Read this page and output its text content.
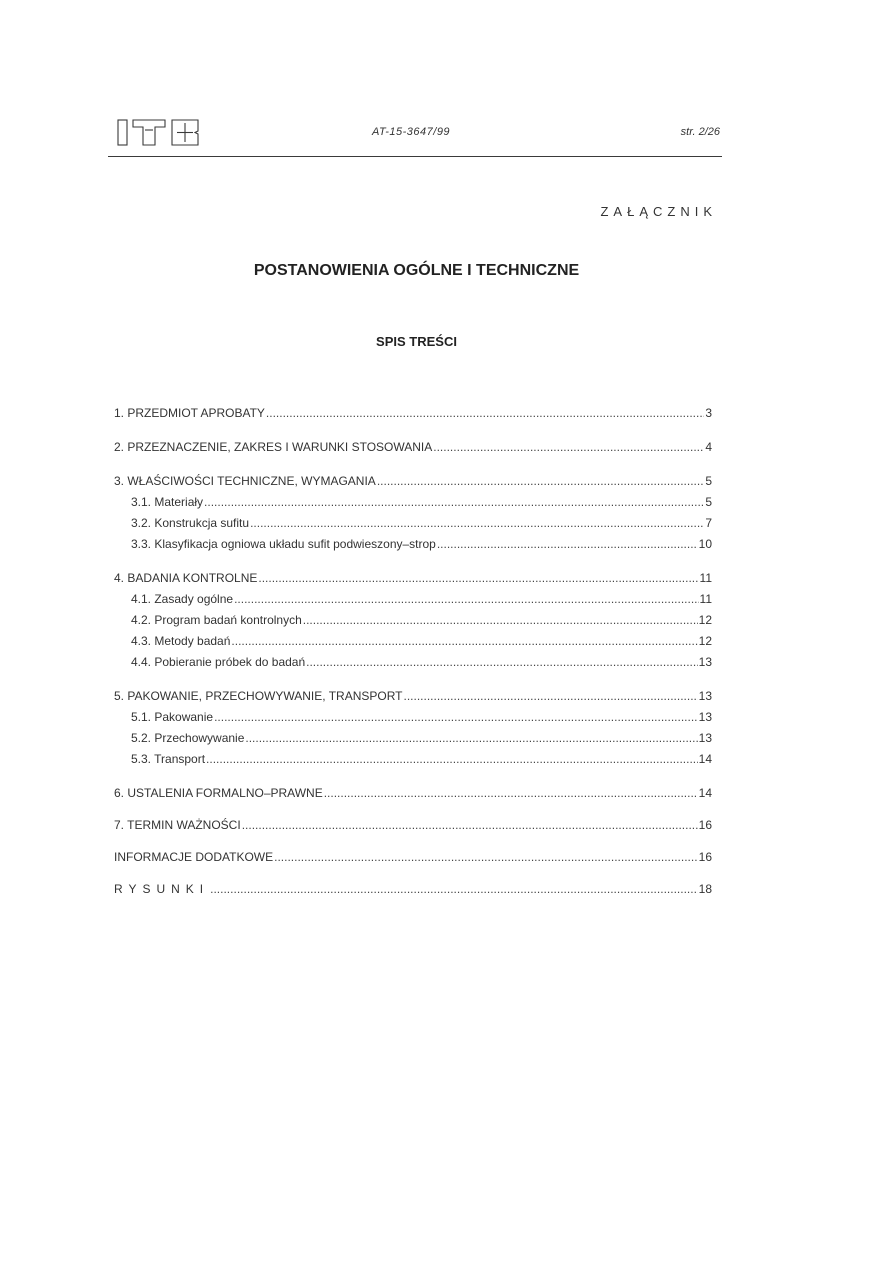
AT-15-3647/99	str. 2/26
ZAŁĄCZNIK
POSTANOWIENIA OGÓLNE I TECHNICZNE
SPIS TREŚCI
1. PRZEDMIOT APROBATY .....	3
2. PRZEZNACZENIE, ZAKRES I WARUNKI STOSOWANIA .....	4
3. WŁAŚCIWOŚCI TECHNICZNE, WYMAGANIA .....	5
3.1. Materiały .....	5
3.2. Konstrukcja sufitu .....	7
3.3. Klasyfikacja ogniowa układu sufit podwieszony–strop .....	10
4. BADANIA KONTROLNE .....	11
4.1. Zasady ogólne .....	11
4.2. Program badań kontrolnych .....	12
4.3. Metody badań .....	12
4.4. Pobieranie próbek do badań .....	13
5. PAKOWANIE, PRZECHOWYWANIE, TRANSPORT .....	13
5.1. Pakowanie .....	13
5.2. Przechowywanie .....	13
5.3. Transport .....	14
6. USTALENIA FORMALNO–PRAWNE .....	14
7. TERMIN WAŻNOŚCI .....	16
INFORMACJE DODATKOWE .....	16
RYSUNKI .....	18
